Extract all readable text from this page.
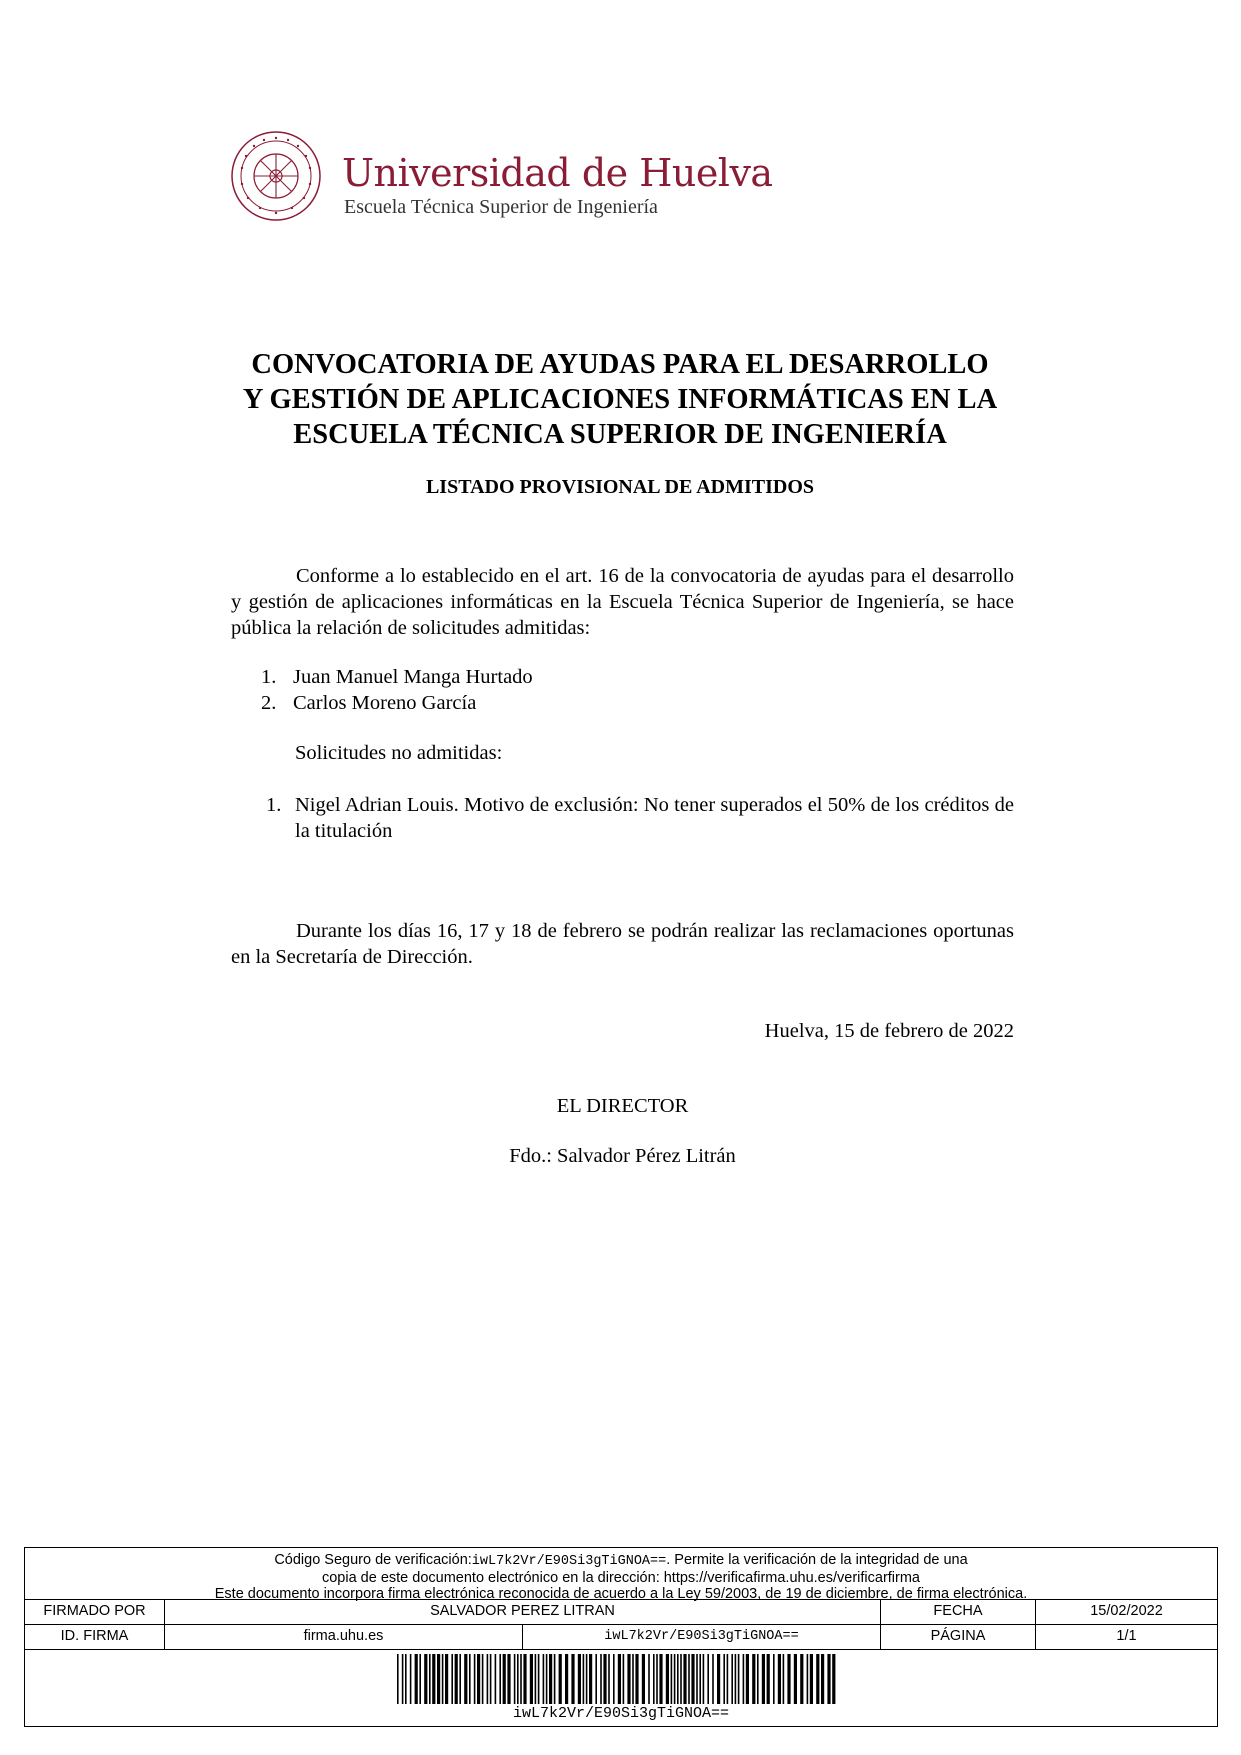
Universidad de Huelva
Escuela Técnica Superior de Ingeniería
CONVOCATORIA DE AYUDAS PARA EL DESARROLLO
Y GESTIÓN DE APLICACIONES INFORMÁTICAS EN LA
ESCUELA TÉCNICA SUPERIOR DE INGENIERÍA
LISTADO PROVISIONAL DE ADMITIDOS
Conforme a lo establecido en el art. 16 de la convocatoria de ayudas para el desarrollo y gestión de aplicaciones informáticas en la Escuela Técnica Superior de Ingeniería, se hace pública la relación de solicitudes admitidas:
1. Juan Manuel Manga Hurtado
2. Carlos Moreno García
Solicitudes no admitidas:
1. Nigel Adrian Louis. Motivo de exclusión: No tener superados el 50% de los créditos de la titulación
Durante los días 16, 17 y 18 de febrero se podrán realizar las reclamaciones oportunas en la Secretaría de Dirección.
Huelva, 15 de febrero de 2022
EL DIRECTOR
Fdo.: Salvador Pérez Litrán
Código Seguro de verificación:iwL7k2Vr/E90Si3gTiGNOA==. Permite la verificación de la integridad de una
copia de este documento electrónico en la dirección: https://verificafirma.uhu.es/verificarfirma
Este documento incorpora firma electrónica reconocida de acuerdo a la Ley 59/2003, de 19 de diciembre, de firma electrónica.
FIRMADO POR	SALVADOR PEREZ LITRAN	FECHA	15/02/2022
ID. FIRMA	firma.uhu.es	iwL7k2Vr/E90Si3gTiGNOA==	PÁGINA	1/1
iwL7k2Vr/E90Si3gTiGNOA==
